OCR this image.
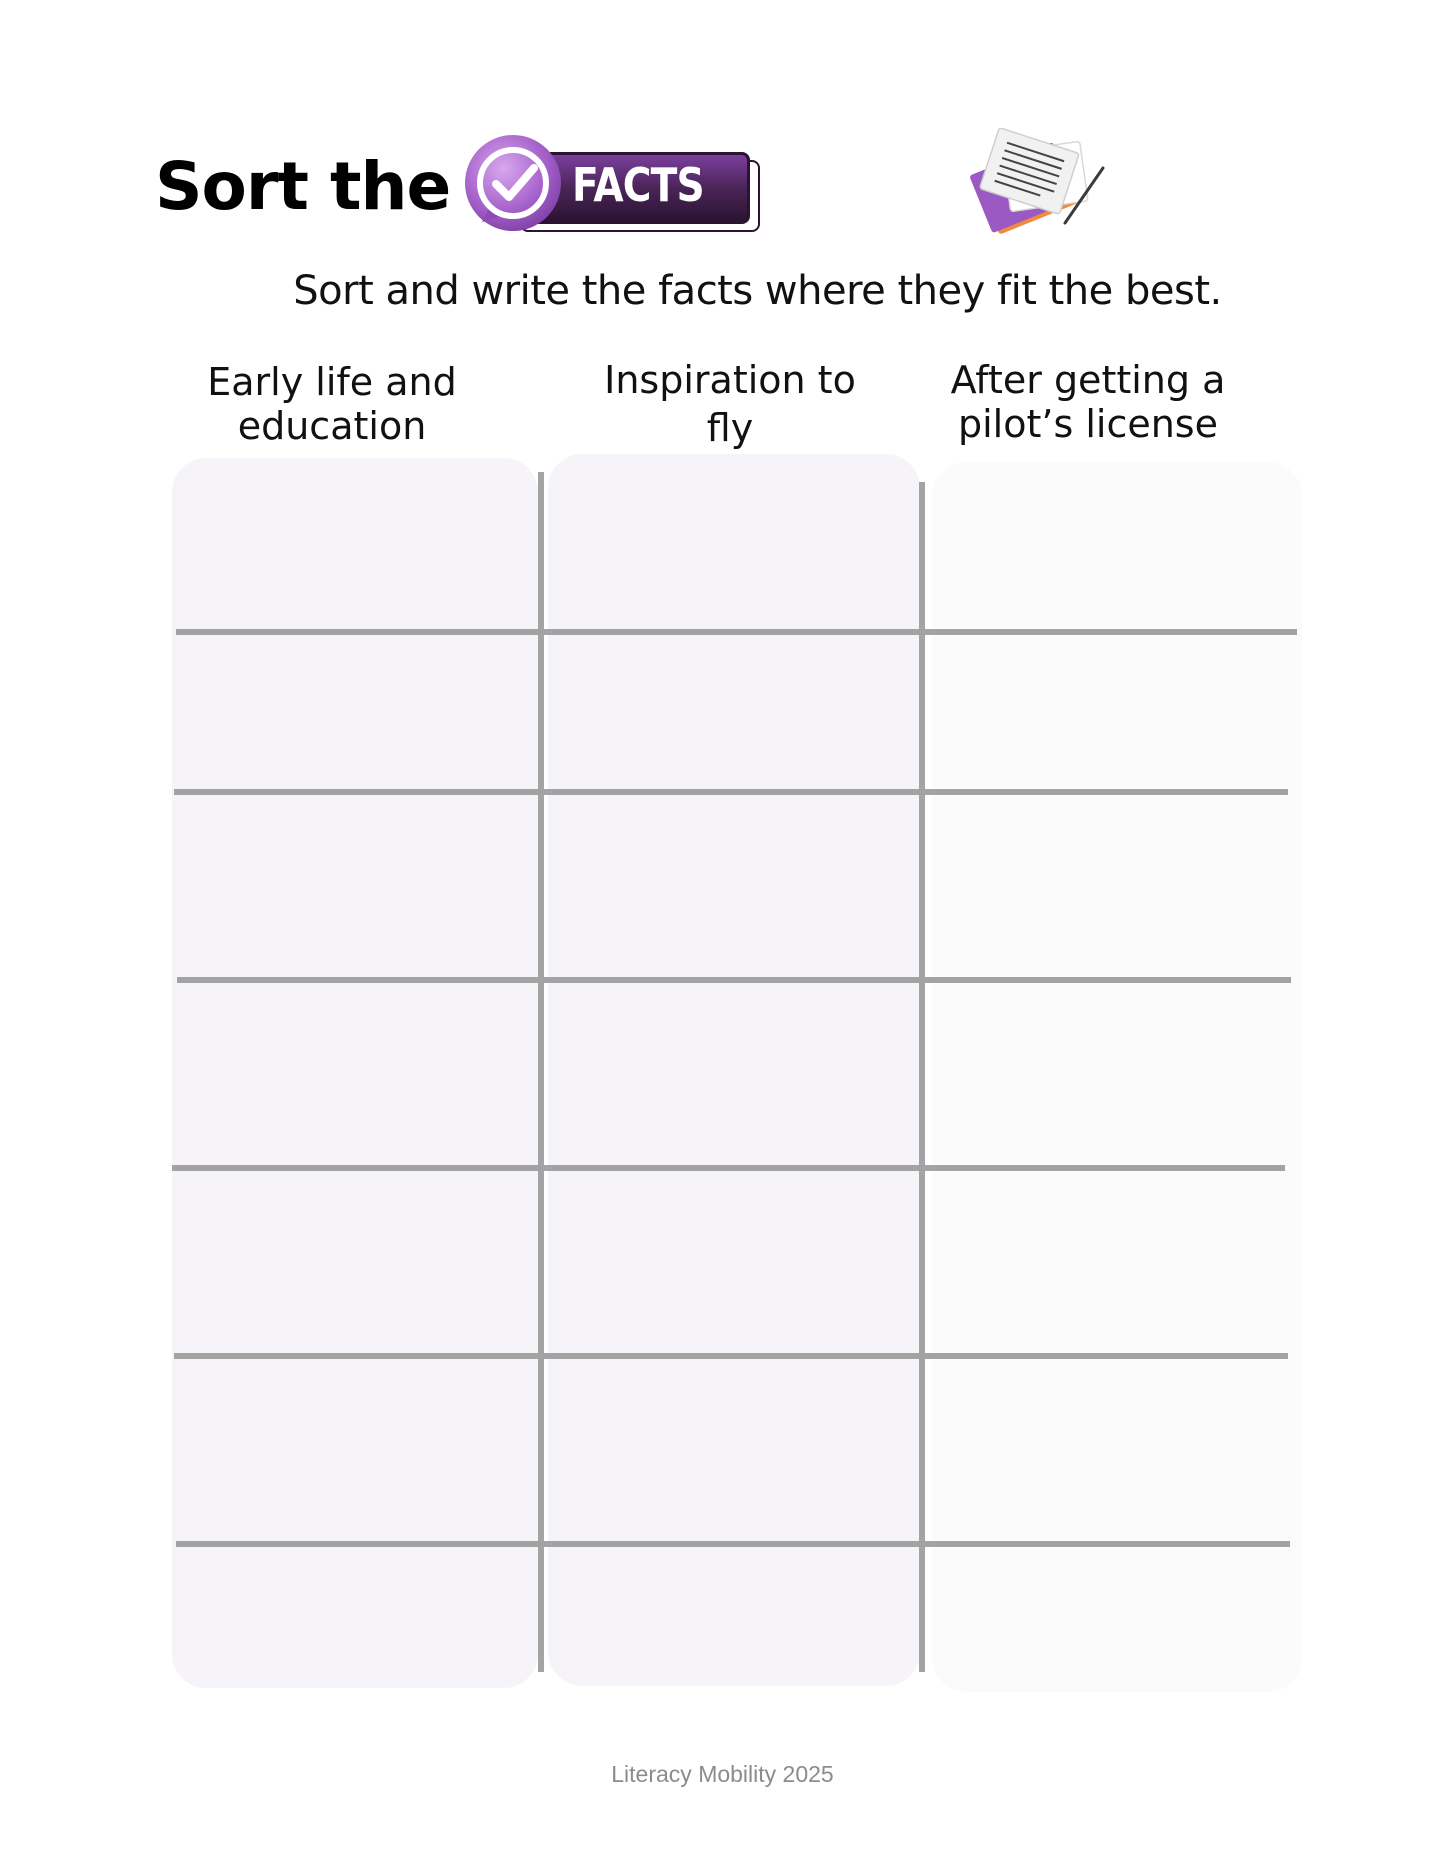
Sort the	FACTS
Sort and write the facts where they fit the best.
Early life and
education
Inspiration to
fly
After getting a
pilot’s license
Literacy Mobility 2025
